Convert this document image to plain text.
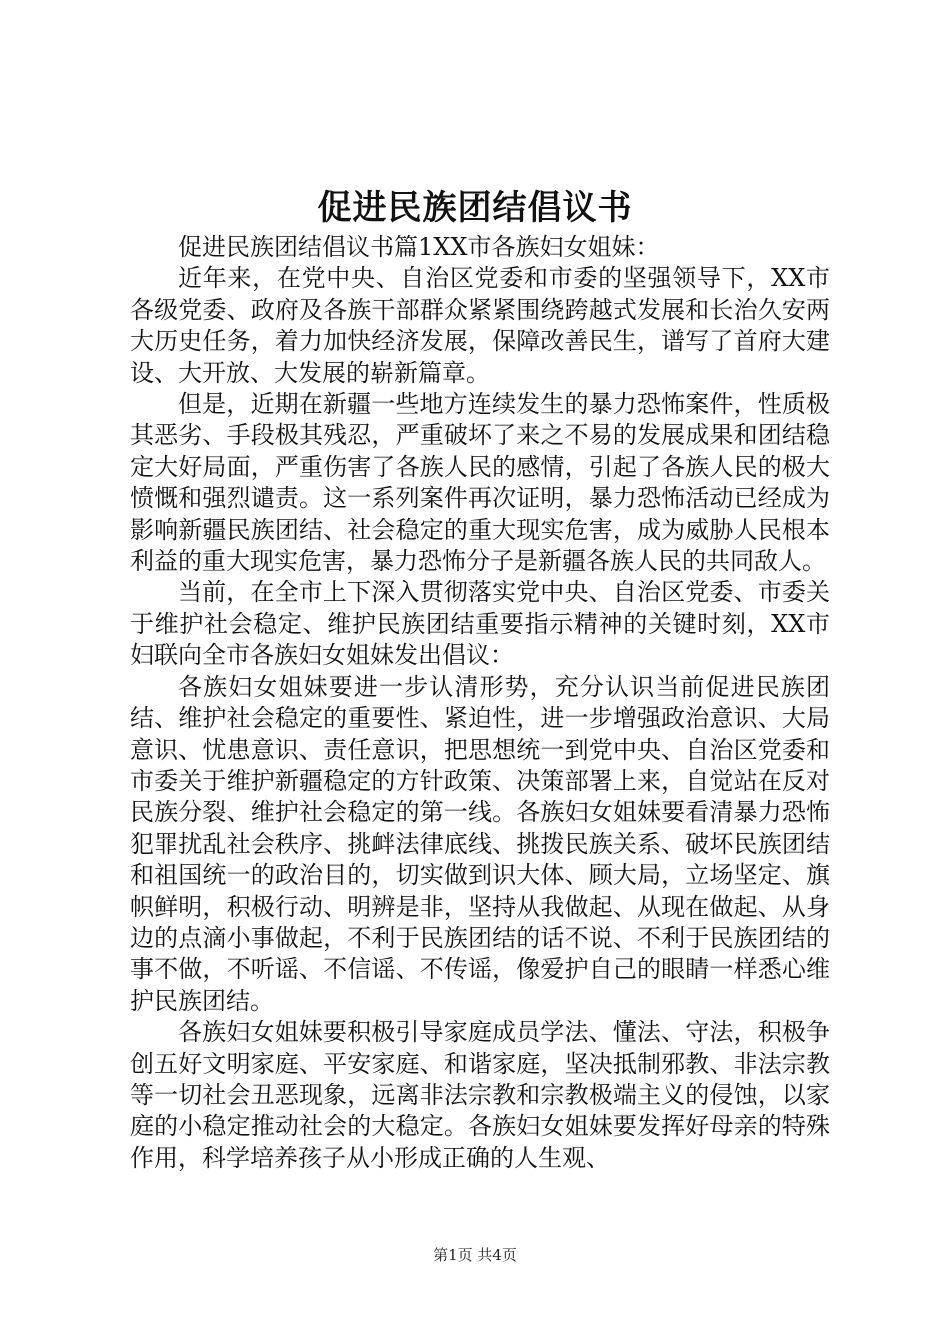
促进民族团结倡议书

促进民族团结倡议书篇1XX市各族妇女姐妹：

近年来，在党中央、自治区党委和市委的坚强领导下，XX市各级党委、政府及各族干部群众紧紧围绕跨越式发展和长治久安两大历史任务，着力加快经济发展，保障改善民生，谱写了首府大建设、大开放、大发展的崭新篇章。

但是，近期在新疆一些地方连续发生的暴力恐怖案件，性质极其恶劣、手段极其残忍，严重破坏了来之不易的发展成果和团结稳定大好局面，严重伤害了各族人民的感情，引起了各族人民的极大愤慨和强烈谴责。这一系列案件再次证明，暴力恐怖活动已经成为影响新疆民族团结、社会稳定的重大现实危害，成为威胁人民根本利益的重大现实危害，暴力恐怖分子是新疆各族人民的共同敌人。

当前，在全市上下深入贯彻落实党中央、自治区党委、市委关于维护社会稳定、维护民族团结重要指示精神的关键时刻，XX市妇联向全市各族妇女姐妹发出倡议：

各族妇女姐妹要进一步认清形势，充分认识当前促进民族团结、维护社会稳定的重要性、紧迫性，进一步增强政治意识、大局意识、忧患意识、责任意识，把思想统一到党中央、自治区党委和市委关于维护新疆稳定的方针政策、决策部署上来，自觉站在反对民族分裂、维护社会稳定的第一线。各族妇女姐妹要看清暴力恐怖犯罪扰乱社会秩序、挑衅法律底线、挑拨民族关系、破坏民族团结和祖国统一的政治目的，切实做到识大体、顾大局，立场坚定、旗帜鲜明，积极行动、明辨是非，坚持从我做起、从现在做起、从身边的点滴小事做起，不利于民族团结的话不说、不利于民族团结的事不做，不听谣、不信谣、不传谣，像爱护自己的眼睛一样悉心维护民族团结。

各族妇女姐妹要积极引导家庭成员学法、懂法、守法，积极争创五好文明家庭、平安家庭、和谐家庭，坚决抵制邪教、非法宗教等一切社会丑恶现象，远离非法宗教和宗教极端主义的侵蚀，以家庭的小稳定推动社会的大稳定。各族妇女姐妹要发挥好母亲的特殊作用，科学培养孩子从小形成正确的人生观、

第1页 共4页
